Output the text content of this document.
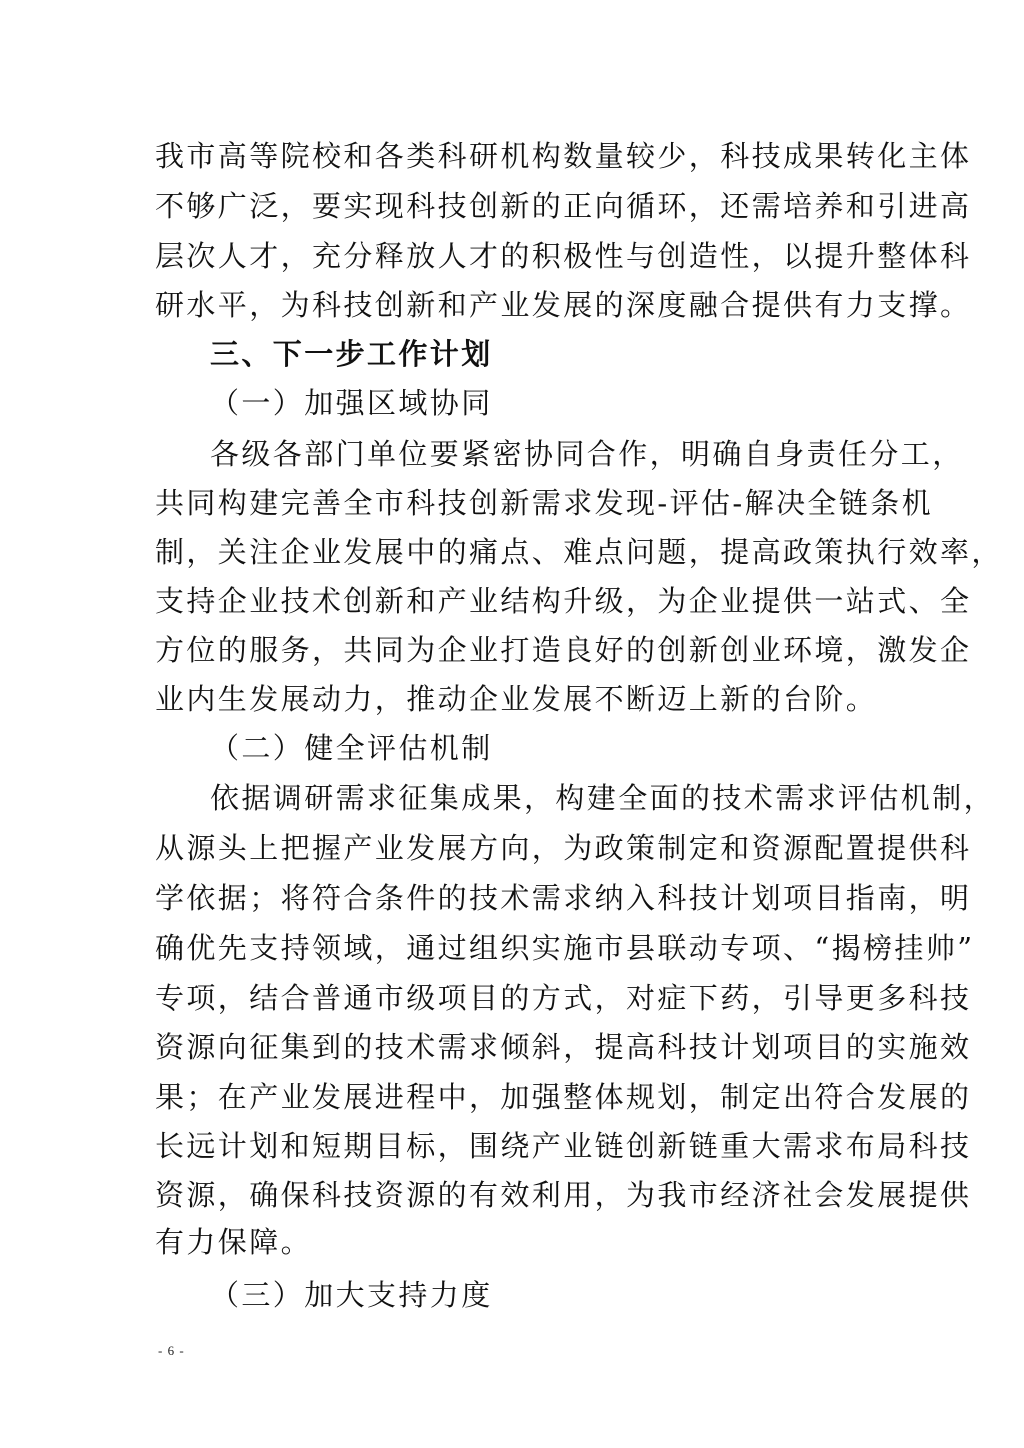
我市高等院校和各类科研机构数量较少，科技成果转化主体
不够广泛，要实现科技创新的正向循环，还需培养和引进高
层次人才，充分释放人才的积极性与创造性，以提升整体科
研水平，为科技创新和产业发展的深度融合提供有力支撑。
三、下一步工作计划
（一）加强区域协同
各级各部门单位要紧密协同合作，明确自身责任分工，
共同构建完善全市科技创新需求发现-评估-解决全链条机
制，关注企业发展中的痛点、难点问题，提高政策执行效率，
支持企业技术创新和产业结构升级，为企业提供一站式、全
方位的服务，共同为企业打造良好的创新创业环境，激发企
业内生发展动力，推动企业发展不断迈上新的台阶。
（二）健全评估机制
依据调研需求征集成果，构建全面的技术需求评估机制，
从源头上把握产业发展方向，为政策制定和资源配置提供科
学依据；将符合条件的技术需求纳入科技计划项目指南，明
确优先支持领域，通过组织实施市县联动专项、“揭榜挂帅”
专项，结合普通市级项目的方式，对症下药，引导更多科技
资源向征集到的技术需求倾斜，提高科技计划项目的实施效
果；在产业发展进程中，加强整体规划，制定出符合发展的
长远计划和短期目标，围绕产业链创新链重大需求布局科技
资源，确保科技资源的有效利用，为我市经济社会发展提供
有力保障。
（三）加大支持力度
- 6 -
